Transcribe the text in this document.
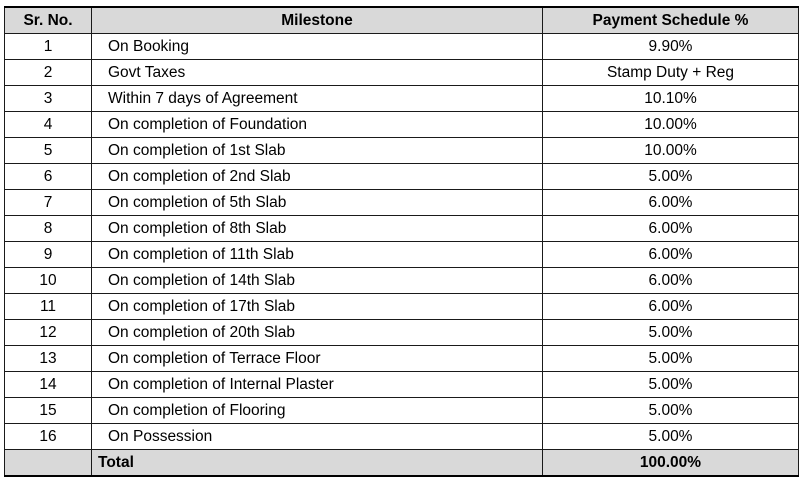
Sr. No.	Milestone	Payment Schedule %
1	On Booking	9.90%
2	Govt Taxes	Stamp Duty + Reg
3	Within 7 days of Agreement	10.10%
4	On completion of Foundation	10.00%
5	On completion of 1st Slab	10.00%
6	On completion of 2nd Slab	5.00%
7	On completion of 5th Slab	6.00%
8	On completion of 8th Slab	6.00%
9	On completion of 11th Slab	6.00%
10	On completion of 14th Slab	6.00%
11	On completion of 17th Slab	6.00%
12	On completion of 20th Slab	5.00%
13	On completion of Terrace Floor	5.00%
14	On completion of Internal Plaster	5.00%
15	On completion of Flooring	5.00%
16	On Possession	5.00%
	Total	100.00%
